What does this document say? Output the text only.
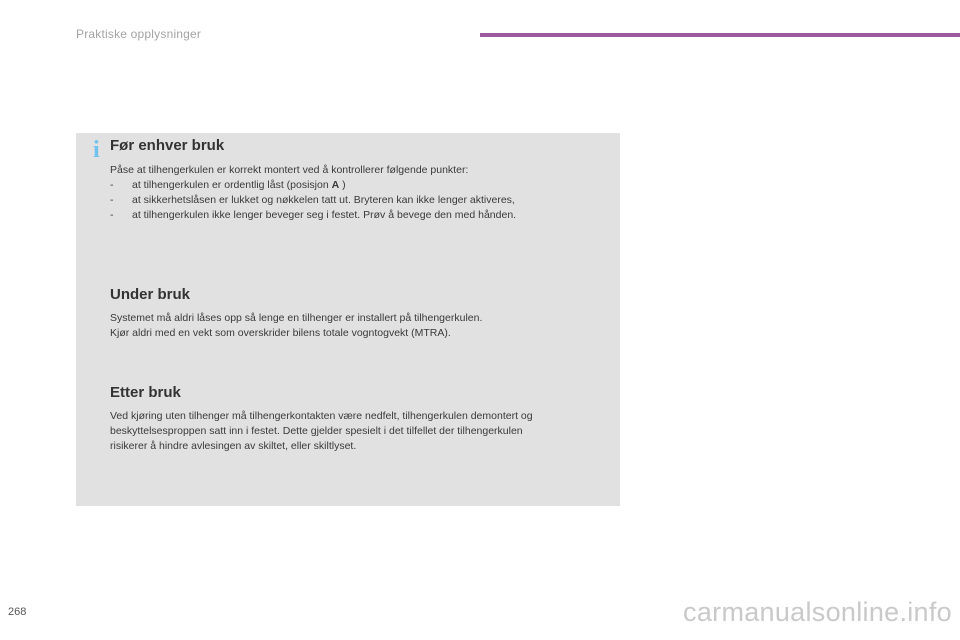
Praktiske opplysninger
i Før enhver bruk

Påse at tilhengerkulen er korrekt montert ved å kontrollerer følgende punkter:

-	at tilhengerkulen er ordentlig låst (posisjon A )
-	at sikkerhetslåsen er lukket og nøkkelen tatt ut. Bryteren kan ikke lenger aktiveres,
-	at tilhengerkulen ikke lenger beveger seg i festet. Prøv å bevege den med hånden.
Under bruk

Systemet må aldri låses opp så lenge en tilhenger er installert på tilhengerkulen.

Kjør aldri med en vekt som overskrider bilens totale vogntogvekt (MTRA).

Etter bruk

Ved kjøring uten tilhenger må tilhengerkontakten være nedfelt, tilhengerkulen demontert og

beskyttelsesproppen satt inn i festet. Dette gjelder spesielt i det tilfellet der tilhengerkulen

risikerer å hindre avlesingen av skiltet, eller skiltlyset.

268	carmanualsonline.info
